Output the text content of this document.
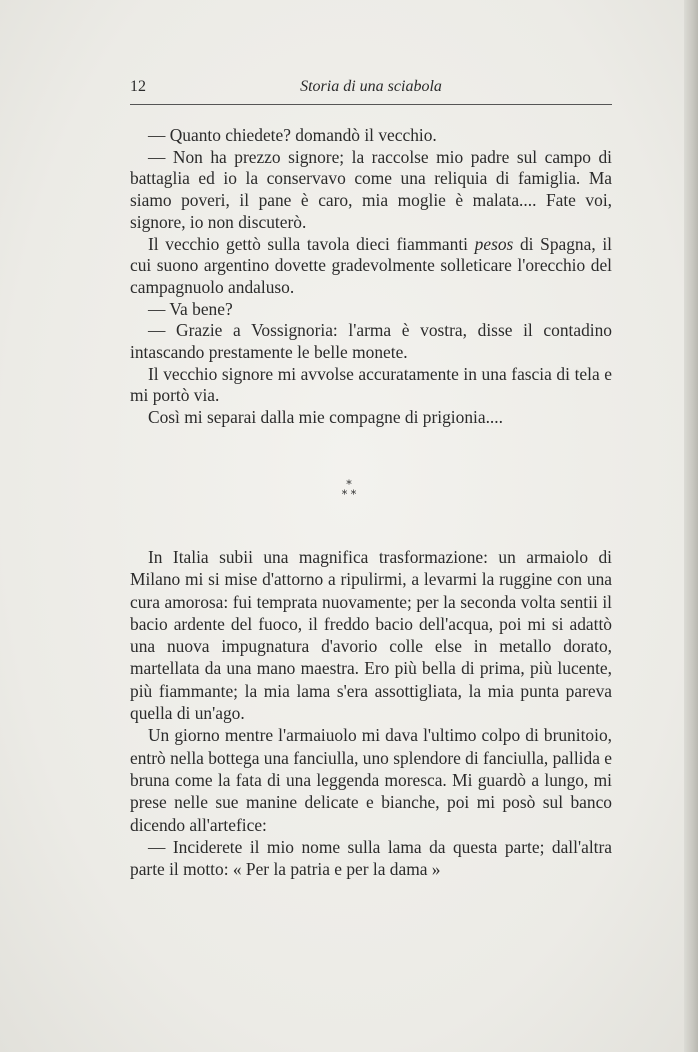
12	Storia di una sciabola

— Quanto chiedete? domandò il vecchio.

— Non ha prezzo signore; la raccolse mio padre sul campo di battaglia ed io la conservavo come una reliquia di famiglia. Ma siamo poveri, il pane è caro, mia moglie è malata.... Fate voi, signore, io non discuterò.

Il vecchio gettò sulla tavola dieci fiammanti pesos di Spagna, il cui suono argentino dovette gradevolmente solleticare l'orecchio del campagnuolo andaluso.

— Va bene?

— Grazie a Vossignoria: l'arma è vostra, disse il contadino intascando prestamente le belle monete.

Il vecchio signore mi avvolse accuratamente in una fascia di tela e mi portò via.

Così mi separai dalla mie compagne di prigionia....

*
* *

In Italia subii una magnifica trasformazione: un armaiolo di Milano mi si mise d'attorno a ripulirmi, a levarmi la ruggine con una cura amorosa: fui temprata nuovamente; per la seconda volta sentii il bacio ardente del fuoco, il freddo bacio dell'acqua, poi mi si adattò una nuova impugnatura d'avorio colle else in metallo dorato, martellata da una mano maestra. Ero più bella di prima, più lucente, più fiammante; la mia lama s'era assottigliata, la mia punta pareva quella di un'ago.

Un giorno mentre l'armaiuolo mi dava l'ultimo colpo di brunitoio, entrò nella bottega una fanciulla, uno splendore di fanciulla, pallida e bruna come la fata di una leggenda moresca. Mi guardò a lungo, mi prese nelle sue manine delicate e bianche, poi mi posò sul banco dicendo all'artefice:

— Inciderete il mio nome sulla lama da questa parte; dall'altra parte il motto: « Per la patria e per la dama »
